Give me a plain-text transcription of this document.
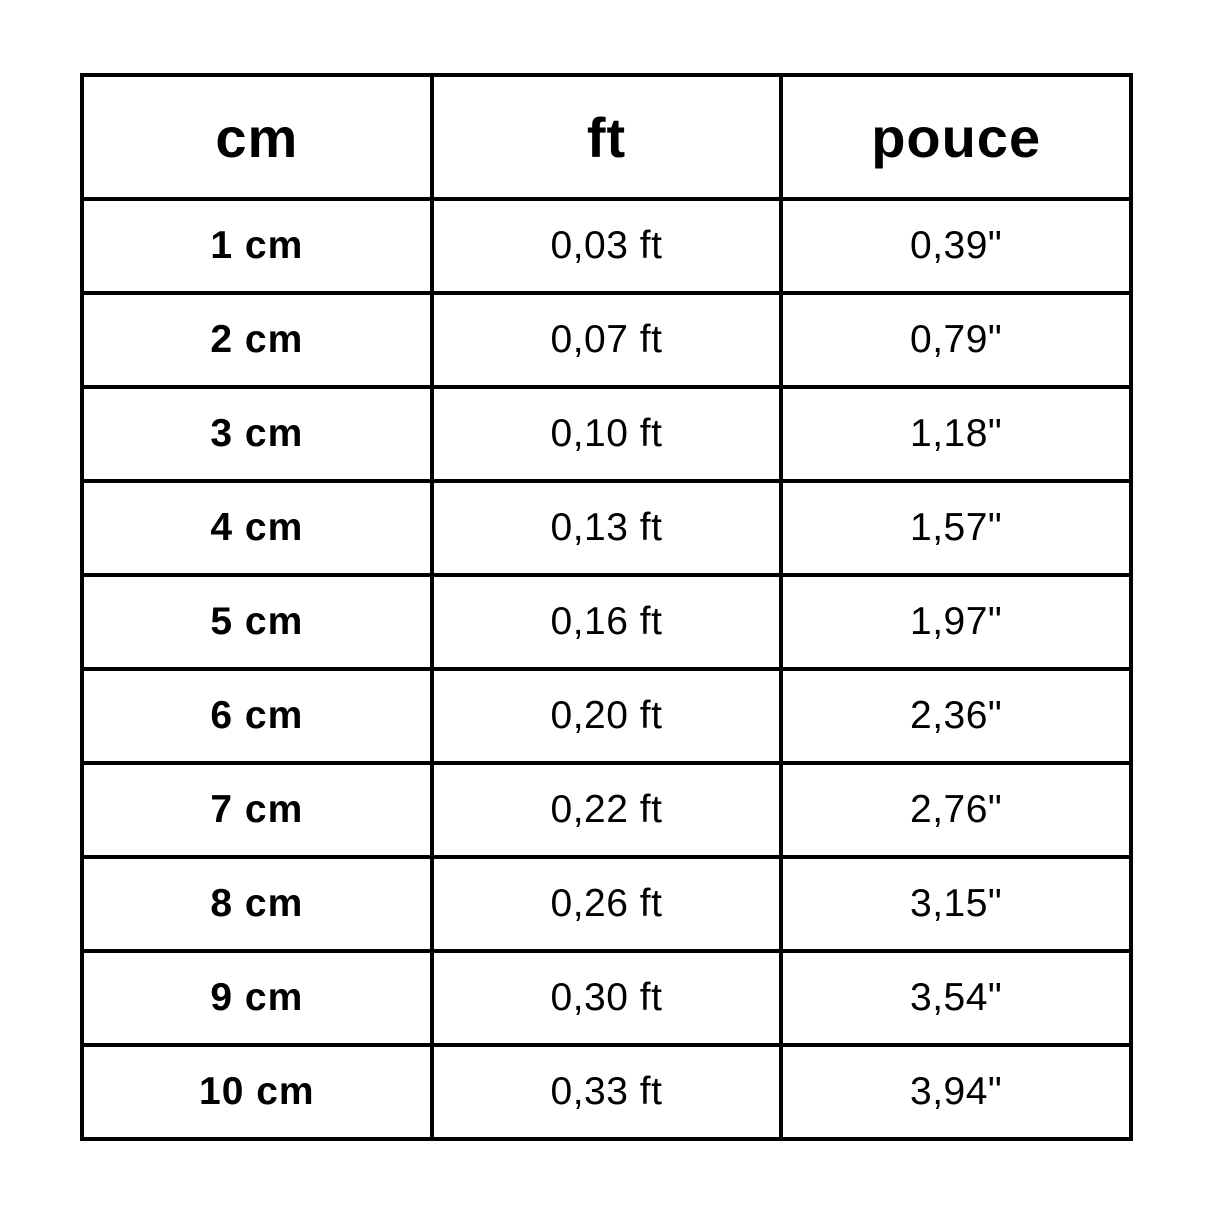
cm	ft	pouce
1 cm	0,03 ft	0,39"
2 cm	0,07 ft	0,79"
3 cm	0,10 ft	1,18"
4 cm	0,13 ft	1,57"
5 cm	0,16 ft	1,97"
6 cm	0,20 ft	2,36"
7 cm	0,22 ft	2,76"
8 cm	0,26 ft	3,15"
9 cm	0,30 ft	3,54"
10 cm	0,33 ft	3,94"
